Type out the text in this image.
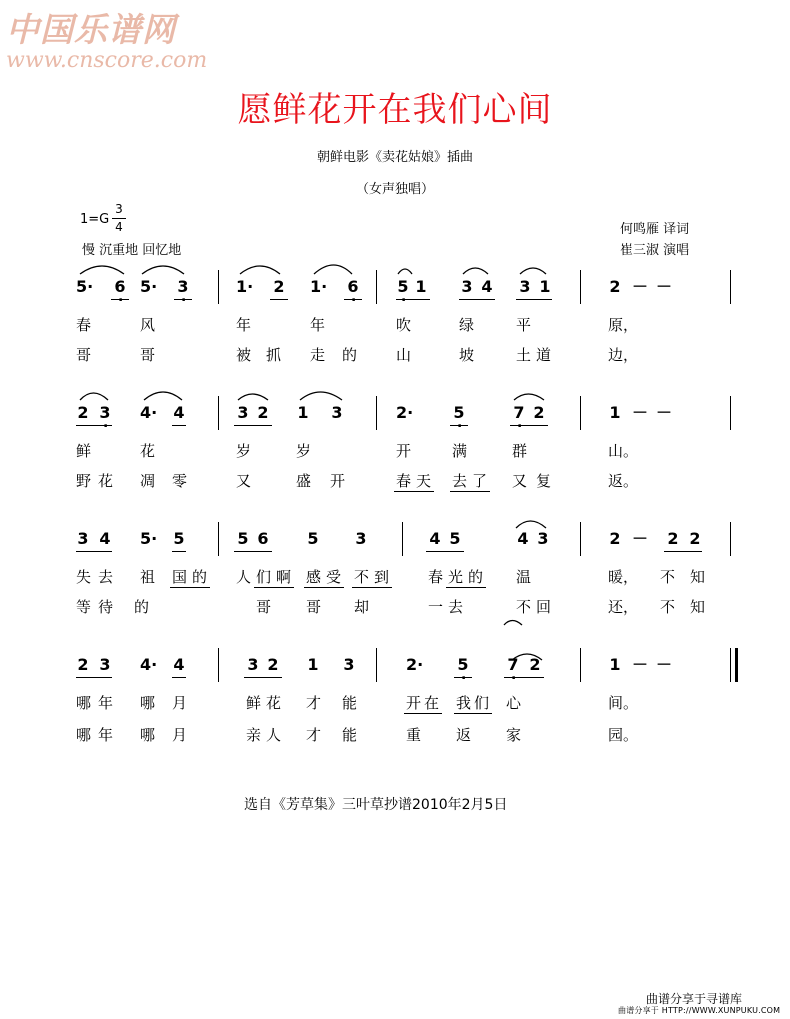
中国乐谱网
www.cnscore.com
愿鲜花开在我们心间
朝鲜电影《卖花姑娘》插曲
（女声独唱）
1=G
3
4
慢 沉重地 回忆地
何鸣雁 译词
崔三淑 演唱
5· 6 . 5· 3 .	1· 2 1· 6 . 5 . 1 3 4 3 1	2 － －
春	风	年	年	吹	绿	平	原，
哥	哥	被 抓 走 的	山	坡	土 道	边，
2 3 . 4· 4	3 2 1 3	2·	5 .	7 . 2	1 － －
鲜	花	岁	岁	开	满	群	山。
野 花 凋 零	又	盛 开	春 天 去 了 又 复	返。
3 4 5· 5	5 6 5 3	4 5	4 3	2 － 2 2
失 去 祖 国 的 人 们 啊 感 受 不 到	春 光 的 温	暖， 不 知
等 待 的	哥 哥 却	一 去	不 回	还， 不 知
2 3 4· 4	3 2 1 3	2· 5 . 7 . 2	1 － －
哪 年 哪 月	鲜 花 才 能	开 在 我 们 心	间。
哪 年 哪 月	亲 人 才 能	重 返 家	园。
选自《芳草集》三叶草抄谱2010年2月5日
曲谱分享于寻谱库
曲谱分享于 HTTP://WWW.XUNPUKU.COM
